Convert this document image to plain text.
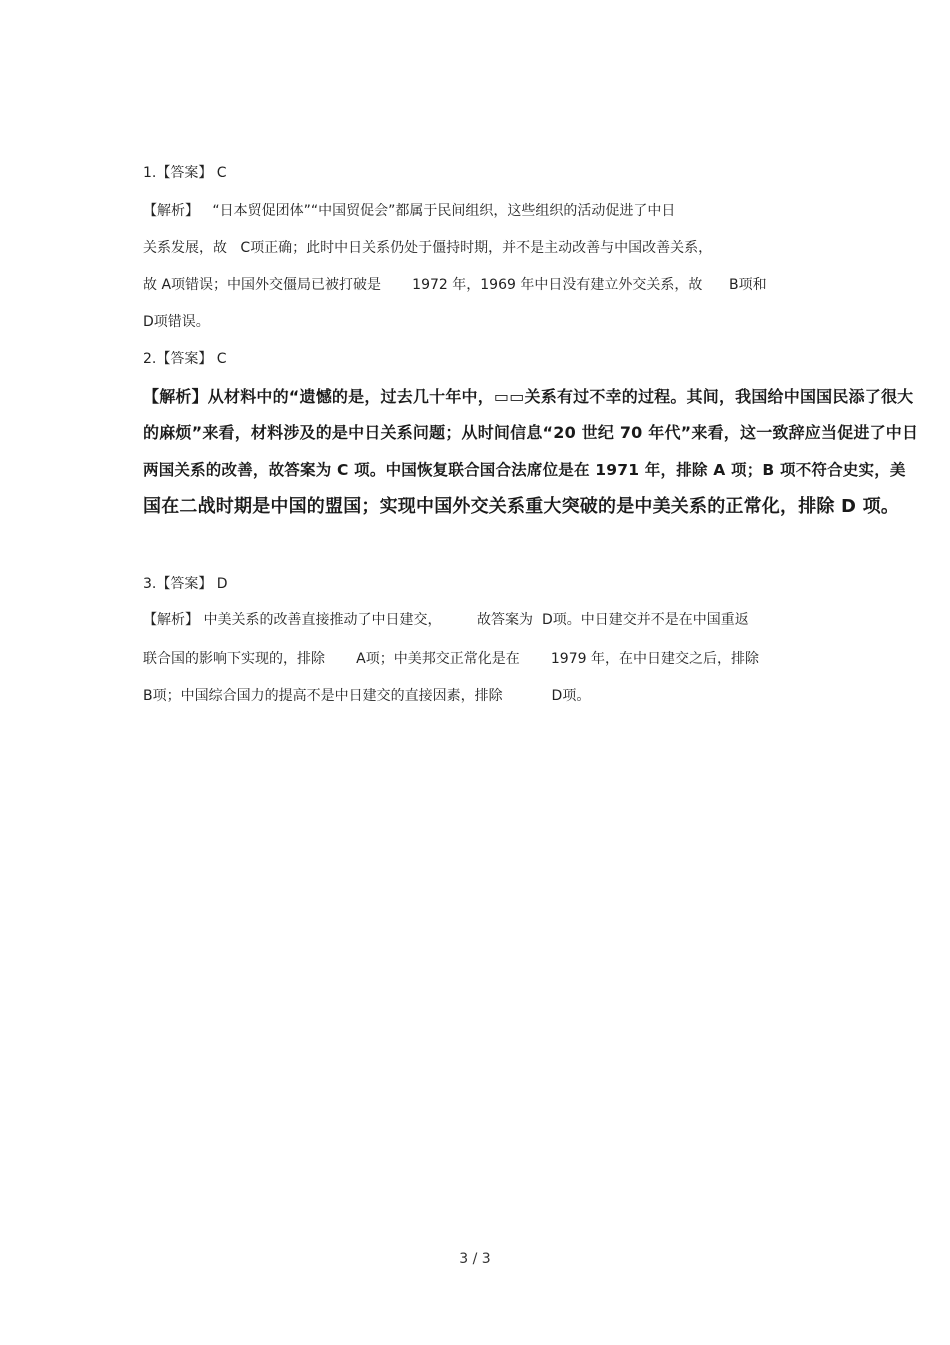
1.【答案】 C
【解析】   “日本贸促团体”“中国贸促会”都属于民间组织，这些组织的活动促进了中日
关系发展，故   C项正确；此时中日关系仍处于僵持时期，并不是主动改善与中国改善关系，
故 A项错误；中国外交僵局已被打破是       1972 年，1969 年中日没有建立外交关系，故      B项和
D项错误。
2.【答案】 C
【解析】从材料中的“遗憾的是，过去几十年中，▭▭关系有过不幸的过程。其间，我国给中国国民添了很大
的麻烦”来看，材料涉及的是中日关系问题；从时间信息“20 世纪 70 年代”来看，这一致辞应当促进了中日
两国关系的改善，故答案为 C 项。中国恢复联合国合法席位是在 1971 年，排除 A 项；B 项不符合史实，美
国在二战时期是中国的盟国；实现中国外交关系重大突破的是中美关系的正常化，排除 D 项。
3.【答案】 D
【解析】 中美关系的改善直接推动了中日建交，        故答案为  D项。中日建交并不是在中国重返
联合国的影响下实现的，排除       A项；中美邦交正常化是在       1979 年，在中日建交之后，排除
B项；中国综合国力的提高不是中日建交的直接因素，排除           D项。
3 / 3
